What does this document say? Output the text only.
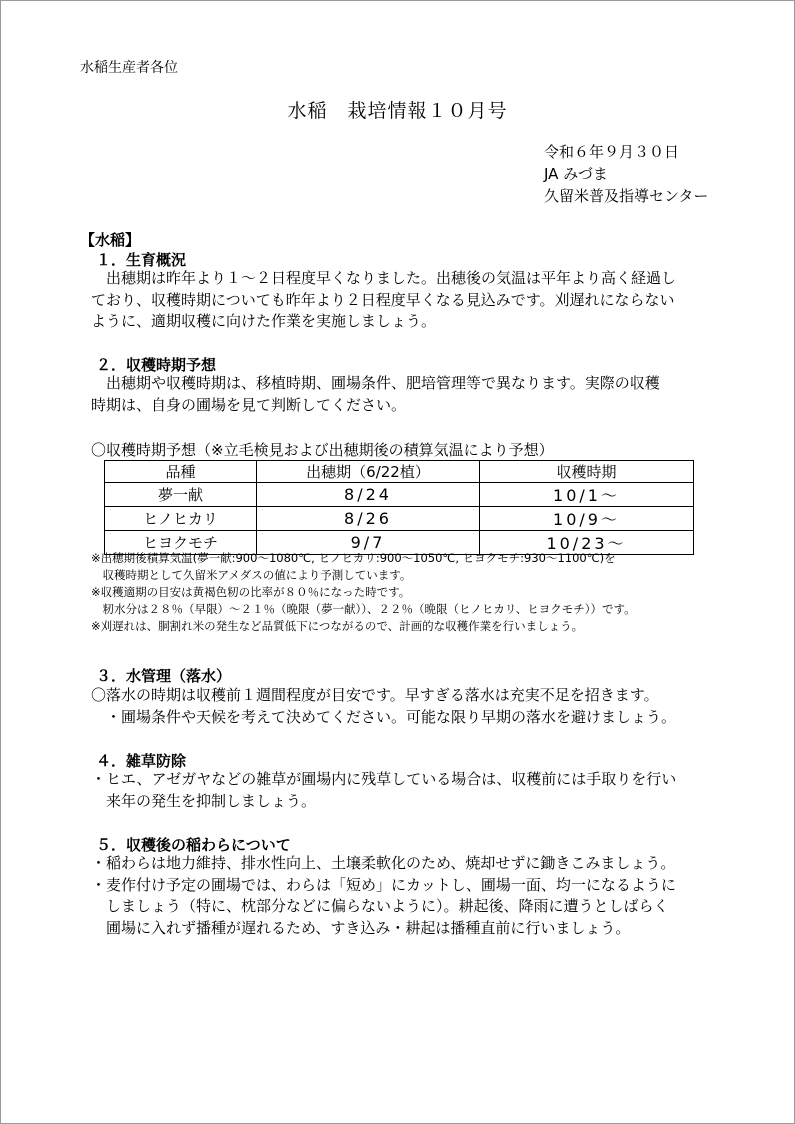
水稲生産者各位
水稲　栽培情報１０月号
令和６年９月３０日
JA みづま
久留米普及指導センター
【水稲】
１．生育概況
　出穂期は昨年より１～２日程度早くなりました。出穂後の気温は平年より高く経過し
ており、収穫時期についても昨年より２日程度早くなる見込みです。刈遅れにならない
ように、適期収穫に向けた作業を実施しましょう。
２．収穫時期予想
　出穂期や収穫時期は、移植時期、圃場条件、肥培管理等で異なります。実際の収穫
時期は、自身の圃場を見て判断してください。
〇収穫時期予想（※立毛検見および出穂期後の積算気温により予想）
品種	出穂期（6/22植）	収穫時期
夢一献	8/24	10/1～
ヒノヒカリ	8/26	10/9～
ヒヨクモチ	9/7	10/23～
※出穂期後積算気温(夢一献:900～1080℃, ヒノヒカリ:900～1050℃, ヒヨクモチ:930～1100℃)を
　収穫時期として久留米アメダスの値により予測しています。
※収穫適期の目安は黄褐色籾の比率が８０％になった時です。
　籾水分は２８％（早限）～２１％（晩限（夢一献））、２２％（晩限（ヒノヒカリ、ヒヨクモチ））です。
※刈遅れは、胴割れ米の発生など品質低下につながるので、計画的な収穫作業を行いましょう。
３．水管理（落水）
〇落水の時期は収穫前１週間程度が目安です。早すぎる落水は充実不足を招きます。
　・圃場条件や天候を考えて決めてください。可能な限り早期の落水を避けましょう。
４．雑草防除
・ヒエ、アゼガヤなどの雑草が圃場内に残草している場合は、収穫前には手取りを行い
　来年の発生を抑制しましょう。
５．収穫後の稲わらについて
・稲わらは地力維持、排水性向上、土壌柔軟化のため、焼却せずに鋤きこみましょう。
・麦作付け予定の圃場では、わらは「短め」にカットし、圃場一面、均一になるように
　しましょう（特に、枕部分などに偏らないように）。耕起後、降雨に遭うとしばらく
　圃場に入れず播種が遅れるため、すき込み・耕起は播種直前に行いましょう。
